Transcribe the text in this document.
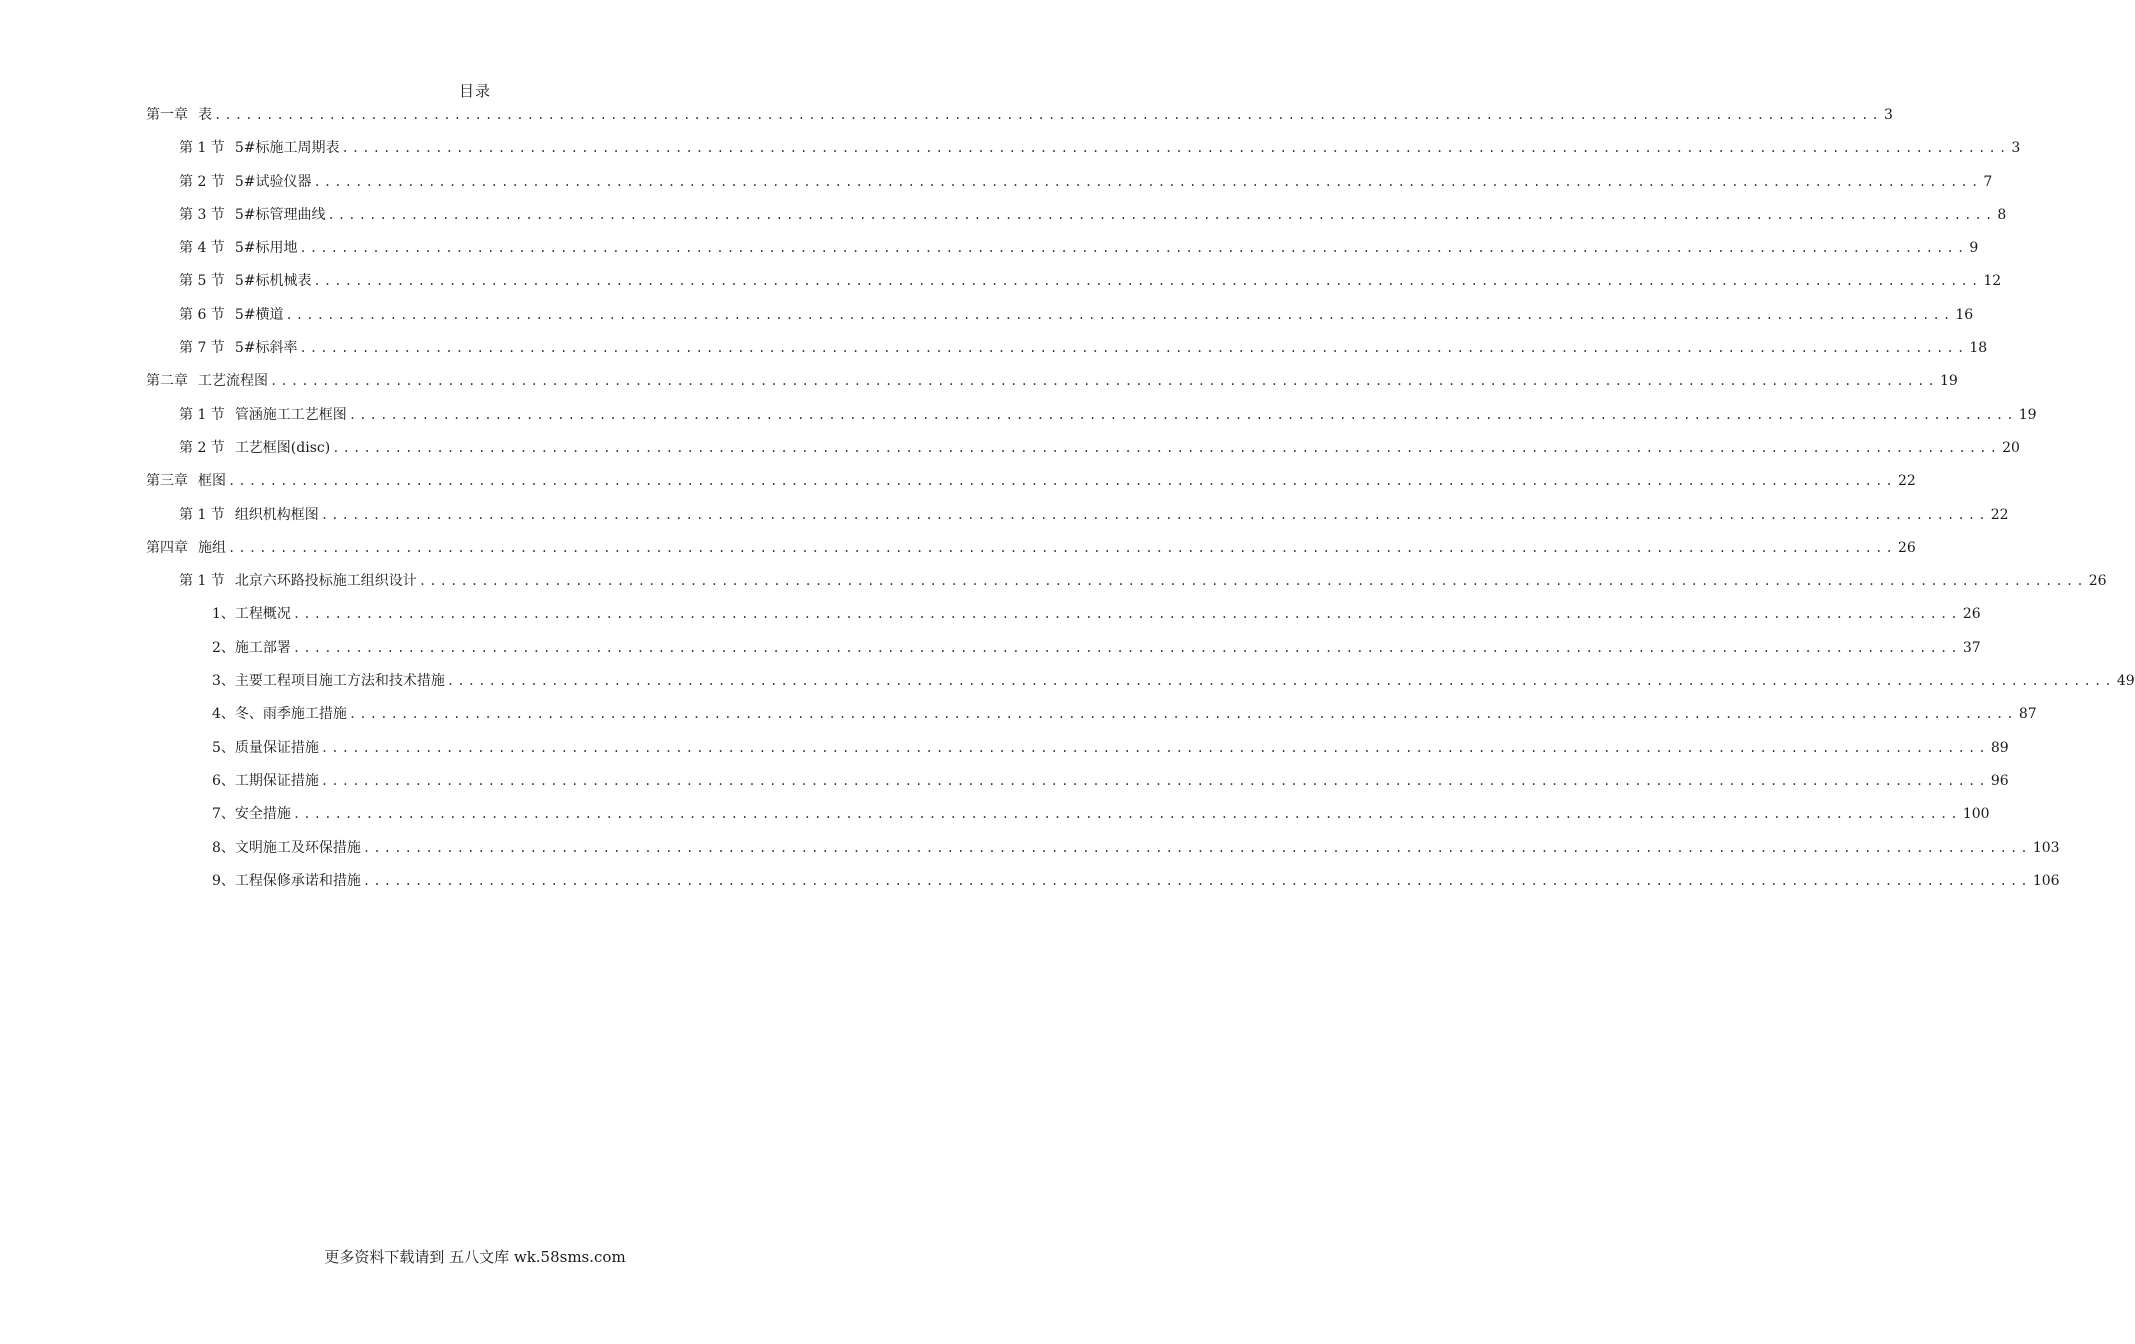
目录
第一章 表 ................................................................................................................................................................ 3
第 1 节 5#标施工周期表 ................................................................................................................................................................ 3
第 2 节 5#试验仪器 ................................................................................................................................................................ 7
第 3 节 5#标管理曲线 ................................................................................................................................................................ 8
第 4 节 5#标用地 ................................................................................................................................................................ 9
第 5 节 5#标机械表 ................................................................................................................................................................ 12
第 6 节 5#横道 ................................................................................................................................................................ 16
第 7 节 5#标斜率 ................................................................................................................................................................ 18
第二章 工艺流程图 ................................................................................................................................................................ 19
第 1 节 管涵施工工艺框图 ................................................................................................................................................................ 19
第 2 节 工艺框图(disc) ................................................................................................................................................................ 20
第三章 框图 ................................................................................................................................................................ 22
第 1 节 组织机构框图 ................................................................................................................................................................ 22
第四章 施组 ................................................................................................................................................................ 26
第 1 节 北京六环路投标施工组织设计 ................................................................................................................................................................ 26
1、 工程概况 ................................................................................................................................................................ 26
2、 施工部署 ................................................................................................................................................................ 37
3、 主要工程项目施工方法和技术措施 ................................................................................................................................................................ 49
4、 冬、雨季施工措施 ................................................................................................................................................................ 87
5、 质量保证措施 ................................................................................................................................................................ 89
6、 工期保证措施 ................................................................................................................................................................ 96
7、 安全措施 ................................................................................................................................................................ 100
8、 文明施工及环保措施 ................................................................................................................................................................ 103
9、 工程保修承诺和措施 ................................................................................................................................................................ 106
更多资料下载请到 五八文库 wk.58sms.com
